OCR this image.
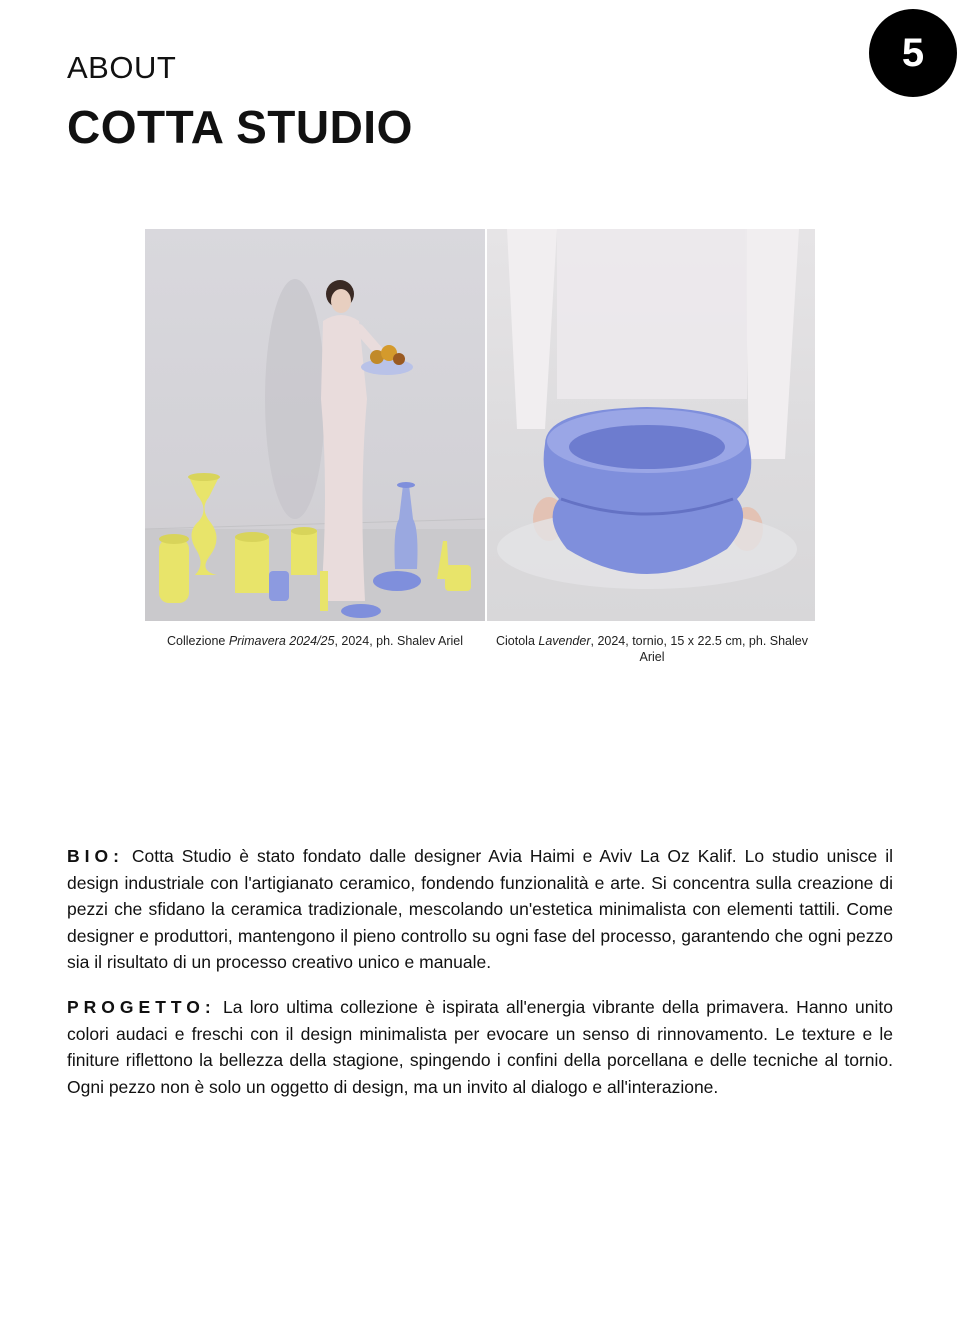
5
ABOUT
COTTA STUDIO
Collezione Primavera 2024/25, 2024, ph. Shalev Ariel	Ciotola Lavender, 2024, tornio, 15 x 22.5 cm, ph. Shalev Ariel
BIO: Cotta Studio è stato fondato dalle designer Avia Haimi e Aviv La Oz Kalif. Lo studio unisce il design industriale con l'artigianato ceramico, fondendo funzionalità e arte. Si concentra sulla creazione di pezzi che sfidano la ceramica tradizionale, mescolando un'estetica minimalista con elementi tattili. Come designer e produttori, mantengono il pieno controllo su ogni fase del processo, garantendo che ogni pezzo sia il risultato di un processo creativo unico e manuale.
PROGETTO: La loro ultima collezione è ispirata all'energia vibrante della primavera. Hanno unito colori audaci e freschi con il design minimalista per evocare un senso di rinnovamento. Le texture e le finiture riflettono la bellezza della stagione, spingendo i confini della porcellana e delle tecniche al tornio. Ogni pezzo non è solo un oggetto di design, ma un invito al dialogo e all'interazione.
